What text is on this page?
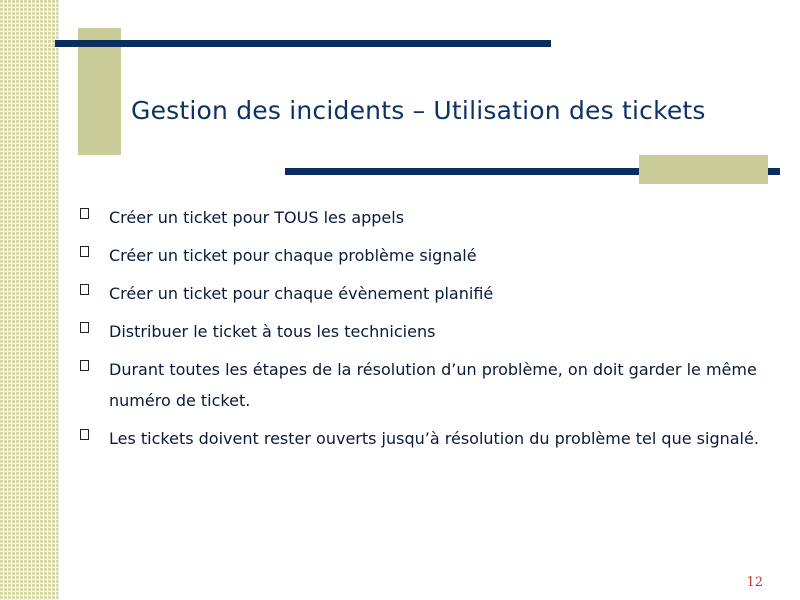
Gestion des incidents – Utilisation des tickets
Créer un ticket pour TOUS les appels
Créer un ticket pour chaque problème signalé
Créer un ticket pour chaque évènement planifié
Distribuer le ticket à tous les techniciens
Durant toutes les étapes de la résolution d’un problème, on doit garder le même numéro de ticket.
Les tickets doivent rester ouverts jusqu’à résolution du problème tel que signalé.
12
